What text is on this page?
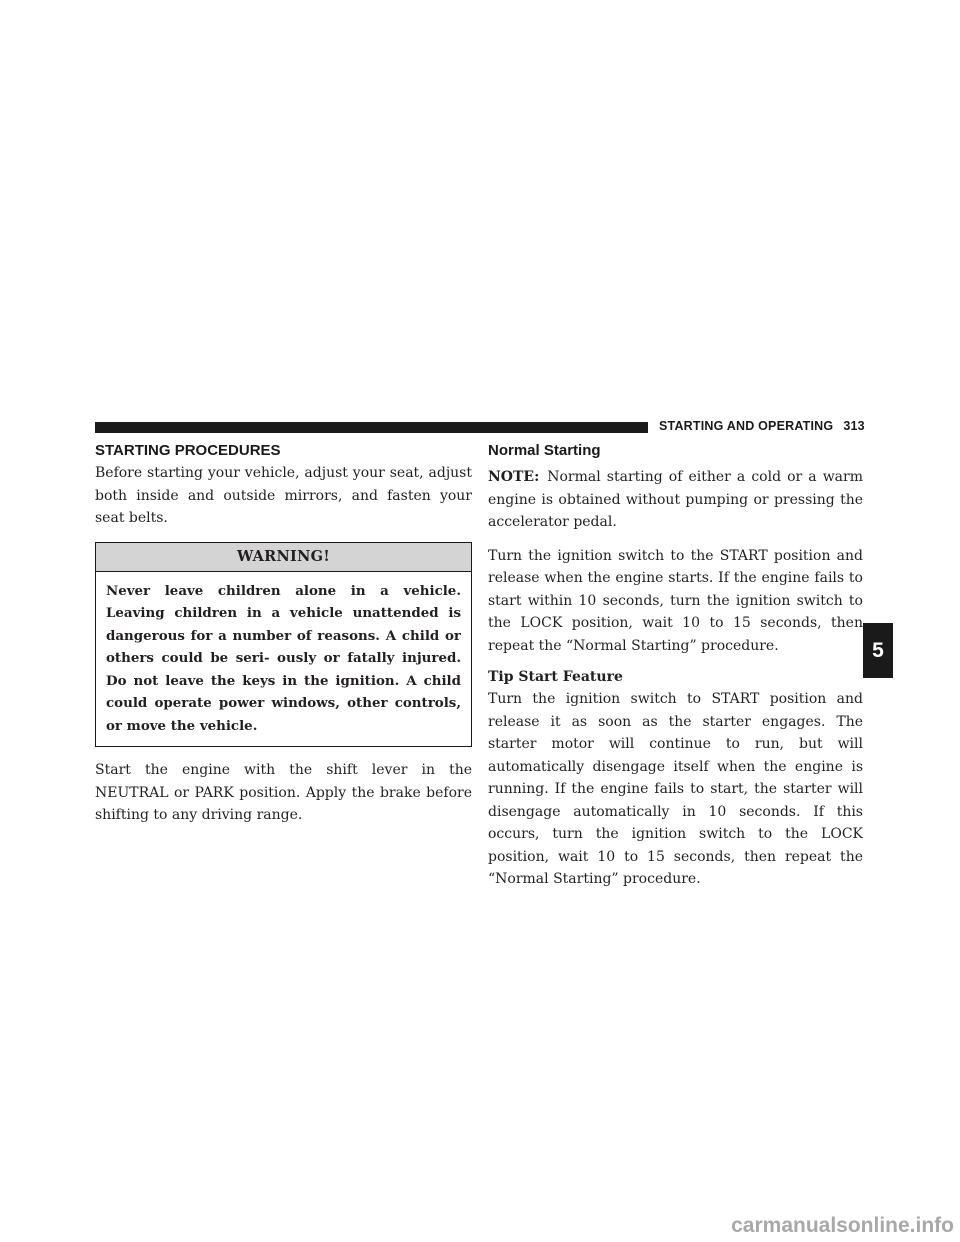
STARTING AND OPERATING 313
STARTING PROCEDURES

Before starting your vehicle, adjust your seat, adjust both inside and outside mirrors, and fasten your seat belts.

WARNING!
Never leave children alone in a vehicle. Leaving children in a vehicle unattended is dangerous for a number of reasons. A child or others could be seri- ously or fatally injured. Do not leave the keys in the ignition. A child could operate power windows, other controls, or move the vehicle.

Start the engine with the shift lever in the NEUTRAL or PARK position. Apply the brake before shifting to any driving range.

Normal Starting

NOTE: Normal starting of either a cold or a warm engine is obtained without pumping or pressing the accelerator pedal.

Turn the ignition switch to the START position and release when the engine starts. If the engine fails to start within 10 seconds, turn the ignition switch to the LOCK position, wait 10 to 15 seconds, then repeat the “Normal Starting” procedure.

Tip Start Feature

Turn the ignition switch to START position and release it as soon as the starter engages. The starter motor will continue to run, but will automatically disengage itself when the engine is running. If the engine fails to start, the starter will disengage automatically in 10 seconds. If this occurs, turn the ignition switch to the LOCK position, wait 10 to 15 seconds, then repeat the “Normal Starting” procedure.

5
carmanualsonline.info
